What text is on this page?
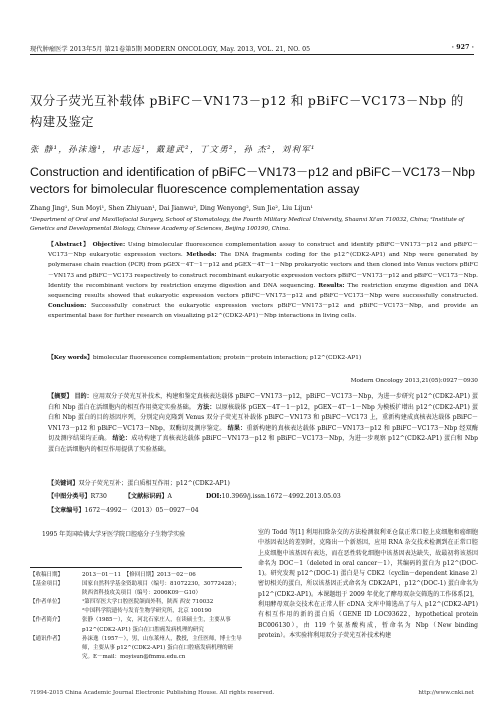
现代肿瘤医学 2013年5月 第21卷第5期 MODERN ONCOLOGY, May. 2013, VOL. 21, NO. 05	· 927 ·
双分子荧光互补载体 pBiFC－VN173－p12 和 pBiFC－VC173－Nbp 的构建及鉴定
张 静¹，孙沫逸¹，申志远¹，戴建武²，丁文勇²，孙 杰²，刘利军¹
Construction and identification of pBiFC－VN173－p12 and pBiFC－VC173－Nbp vectors for bimolecular fluorescence complementation assay
Zhang Jing¹, Sun Moyi¹, Shen Zhiyuan¹, Dai Jianwu², Ding Wenyong², Sun Jie², Liu Lijun¹
¹Department of Oral and Maxillofacial Surgery, School of Stomatology, the Fourth Military Medical University, Shaanxi Xi'an 710032, China; ²Institute of Genetics and Developmental Biology, Chinese Academy of Sciences, Beijing 100190, China.
【Abstract】 Objective: Using bimolecular fluorescence complementation assay to construct and identify pBiFC－VN173－p12 and pBiFC－VC173－Nbp eukaryotic expression vectors. Methods: The DNA fragments coding for the p12^(CDK2-AP1) and Nbp were generated by polymerase chain reaction (PCR) from pGEX－4T－1－p12 and pGEX－4T－1－Nbp prokaryotic vectors and then cloned into Venus vectors pBiFC－VN173 and pBiFC－VC173 respectively to construct recombinant eukaryotic expression vectors pBiFC－VN173－p12 and pBiFC－VC173－Nbp. Identify the recombinant vectors by restriction enzyme digestion and DNA sequencing. Results: The restriction enzyme digestion and DNA sequencing results showed that eukaryotic expression vectors pBiFC－VN173－p12 and pBiFC－VC173－Nbp were successfully constructed. Conclusion: Successfully construct the eukaryotic expression vectors pBiFC－VN173－p12 and pBiFC－VC173－Nbp, and provide an experimental base for further research on visualizing p12^(CDK2-AP1)－Nbp interactions in living cells.
【Key words】bimolecular fluorescence complementation; protein－protein interaction; p12^(CDK2-AP1)
Modern Oncology 2013,21(05):0927－0930
【摘要】 目的：应用双分子荧光互补技术，构建和鉴定真核表达载体 pBiFC－VN173－p12，pBiFC－VC173－Nbp，为进一步研究 p12^(CDK2-AP1) 蛋白和 Nbp 蛋白在活细胞内的相互作用奠定实验基础。 方法：以原核载体 pGEX－4T－1－p12，pGEX－4T－1－Nbp 为模板扩增出 p12^(CDK2-AP1) 蛋白和 Nbp 蛋白的目的基因序列，分别定向克隆到 Venus 双分子荧光互补载体 pBiFC－VN173 和 pBiFC－VC173 上，重新构建成真核表达载体 pBiFC－VN173－p12 和 pBiFC－VC173－Nbp，双酶切及测序鉴定。 结果：重新构建的真核表达载体 pBiFC－VN173－p12 和 pBiFC－VC173－Nbp 经双酶切及测序结果均正确。 结论：成功构建了真核表达载体 pBiFC－VN173－p12 和 pBiFC－VC173－Nbp，为进一步观察 p12^(CDK2-AP1) 蛋白和 Nbp 蛋白在活细胞内的相互作用提供了实验基础。
【关键词】双分子荧光互补；蛋白质相互作用；p12^(CDK2-AP1)
【中图分类号】R730	【文献标识码】A	DOI:10.3969/j.issn.1672－4992.2013.05.03
【文章编号】1672－4992－（2013）05－0927－04
1995 年美国哈佛大学牙医学院口腔癌分子生物学实验
【收稿日期】	2013－01－11　【修回日期】2013－02－06
【基金项目】	国家自然科学基金资助项目（编号：81072230，30772428）；陕西省科技攻关项目（编号：2006K09－G10）
【作者单位】	¹第四军医大学口腔医院颌面外科，陕西 西安 710032
²中国科学院遗传与发育生物学研究所，北京 100190
【作者简介】	张静（1985－），女，河北石家庄人，在读硕士生，主要从事 p12^(CDK2-AP1) 蛋白在口腔癌发病机理的研究
【通讯作者】	孙沫逸（1957－），男，山东莱州人，教授，主任医师，博士生导师，主要从事 p12^(CDK2-AP1) 蛋白在口腔癌发病机理的研究。E－mail：moyisun@fmmu.edu.cn
室的 Todd 等[1] 利用扣除杂交的方法检测叙利亚仓鼠正常口腔上皮细胞和癌细胞中基因表达的差别时，克隆出一个新基因，应用 RNA 杂交技术检测到在正常口腔上皮细胞中该基因有表达，而在恶性转化细胞中该基因表达缺失，故最初将该基因命名为 DOC－1（deleted in oral cancer－1），其编码的蛋白为 p12^(DOC-1)。研究发现 p12^(DOC-1) 蛋白是与 CDK2（cyclin－dependent kinase 2）密切相关的蛋白，所以该基因正式命名为 CDK2AP1，p12^(DOC-1) 蛋白命名为 p12^(CDK2-AP1)。本课题组于 2009 年优化了酵母双杂交筛选的工作体系[2]，利用酵母双杂交技术在正常人肝 cDNA 文库中筛选出了与人 p12^(CDK2-AP1) 有相互作用的新的蛋白质（GENE ID LOC93622，hypothetical protein BC006130），由 119 个氨基酸构成，暂命名为 Nbp（New binding protein）。本实验将利用双分子荧光互补技术构建
?1994-2015 China Academic Journal Electronic Publishing House. All rights reserved.	http://www.cnki.net
